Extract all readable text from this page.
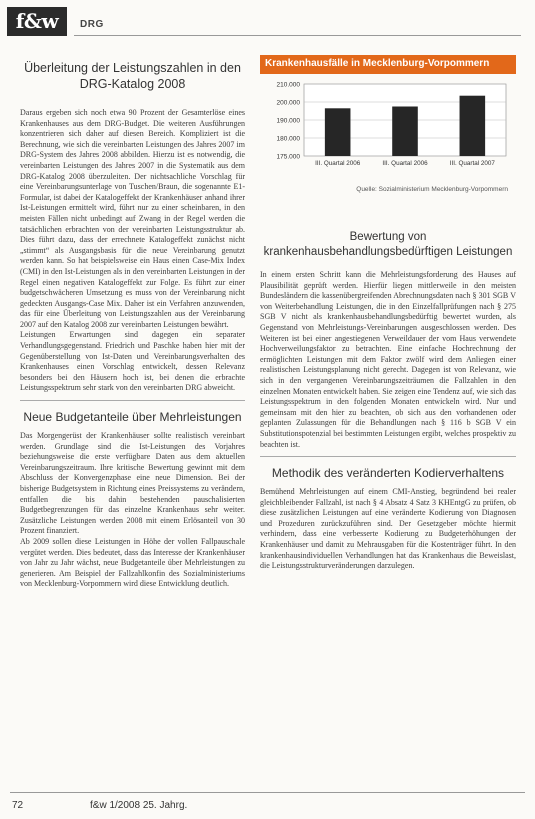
f&w	DRG
Überleitung der Leistungszahlen in den DRG-Katalog 2008

Daraus ergeben sich noch etwa 90 Prozent der Gesamterlöse eines Krankenhauses aus dem DRG-Budget. Die weiteren Ausführungen konzentrieren sich daher auf diesen Bereich. Kompliziert ist die Berechnung, wie sich die vereinbarten Leistungen des Jahres 2007 im DRG-System des Jahres 2008 abbilden. Hierzu ist es notwendig, die vereinbarten Leistungen des Jahres 2007 in die Systematik aus dem DRG-Katalog 2008 überzuleiten. Der nichtsachliche Vorschlag für eine Vereinbarungsunterlage von Tuschen/Braun, die sogenannte E1-Formular, ist dabei der Katalogeffekt der Krankenhäuser anhand ihrer Ist-Leistungen ermittelt wird, führt nur zu einer scheinbaren, in den meisten Fällen nicht unbedingt auf Zwang in der Regel werden die tatsächlichen erbrachten von der vereinbarten Leistungsstruktur ab. Dies führt dazu, dass der errechnete Katalogeffekt zunächst nicht „stimmt“ als Ausgangsbasis für die neue Vereinbarung genutzt werden kann. So hat beispielsweise ein Haus einen Case-Mix Index (CMI) in den Ist-Leistungen als in den vereinbarten Leistungen in der Regel einen negativen Katalogeffekt zur Folge. Es führt zur einer budgetschwächeren Umsetzung es muss von der Vereinbarung nicht gedeckten Ausgangs-Case Mix. Daher ist ein Verfahren anzuwenden, das für eine Überleitung von Leistungszahlen aus der Vereinbarung 2007 auf den Katalog 2008 zur vereinbarten Leistungen bewährt.

Leistungen Erwartungen sind dagegen ein separater Verhandlungsgegenstand. Friedrich und Paschke haben hier mit der Gegenüberstellung von Ist-Daten und Vereinbarungsverhalten des Krankenhauses einen Vorschlag entwickelt, dessen Relevanz besonders bei den Häusern hoch ist, bei denen die erbrachte Leistungsspektrum sehr stark von den vereinbarten DRG abweicht.

Neue Budgetanteile über Mehrleistungen

Das Morgengerüst der Krankenhäuser sollte realistisch vereinbart werden. Grundlage sind die Ist-Leistungen des Vorjahres beziehungsweise die erste verfügbare Daten aus dem aktuellen Vereinbarungszeitraum. Ihre kritische Bewertung gewinnt mit dem Abschluss der Konvergenzphase eine neue Dimension. Bei der bisherige Budgetsystem in Richtung eines Preissystems zu verändern, entfallen die bis dahin bestehenden pauschalisierten Budgetbegrenzungen für das einzelne Krankenhaus sehr weiter. Zusätzliche Leistungen werden 2008 mit einem Erlösanteil von 30 Prozent finanziert.

Ab 2009 sollen diese Leistungen in Höhe der vollen Fallpauschale vergütet werden. Dies bedeutet, dass das Interesse der Krankenhäuser von Jahr zu Jahr wächst, neue Budgetanteile über Mehrleistungen zu generieren. Am Beispiel der Fallzahlkonfin des Sozialministeriums von Mecklenburg-Vorpommern wird diese Entwicklung deutlich.

Krankenhausfälle in Mecklenburg-Vorpommern
175.000
180.000
190.000
200.000
210.000
III. Quartal 2006	III. Quartal 2006	III. Quartal 2007
Quelle: Sozialministerium Mecklenburg-Vorpommern
Bewertung von krankenhausbehandlungsbedürftigen Leistungen

In einem ersten Schritt kann die Mehrleistungsforderung des Hauses auf Plausibilität geprüft werden. Hierfür liegen mittlerweile in den meisten Bundesländern die kassenübergreifenden Abrechnungsdaten nach § 301 SGB V von Weiterbehandlung Leistungen, die in den Einzelfallprüfungen nach § 275 SGB V nicht als krankenhausbehandlungsbedürftig bewertet wurden, als Gegenstand von Mehrleistungs-Vereinbarungen ausgeschlossen werden. Des Weiteren ist bei einer angestiegenen Verweildauer der vom Haus verwendete Hochverweilungsfaktor zu betrachten. Eine einfache Hochrechnung der ermöglichten Leistungen mit dem Faktor zwölf wird dem Anliegen einer realistischen Leistungsplanung nicht gerecht. Dagegen ist von Relevanz, wie sich in den vergangenen Vereinbarungszeiträumen die Fallzahlen in den einzelnen Monaten entwickelt haben. Sie zeigen eine Tendenz auf, wie sich das Leistungsspektrum in den folgenden Monaten entwickeln wird. Nur und gemeinsam mit den hier zu beachten, ob sich aus den vorhandenen oder geplanten Zulassungen für die Behandlungen nach § 116 b SGB V ein Substitutionspotenzial bei bestimmten Leistungen ergibt, welches prospektiv zu beachten ist.

Methodik des veränderten Kodierverhaltens

Bemühend Mehrleistungen auf einem CMI-Anstieg, begründend bei realer gleichbleibender Fallzahl, ist nach § 4 Absatz 4 Satz 3 KHEntgG zu prüfen, ob diese zusätzlichen Leistungen auf eine veränderte Kodierung von Diagnosen und Prozeduren zurückzuführen sind. Der Gesetzgeber möchte hiermit verhindern, dass eine verbesserte Kodierung zu Budgeterhöhungen der Krankenhäuser und damit zu Mehrausgaben für die Kostenträger führt. In den krankenhausindividuellen Verhandlungen hat das Krankenhaus die Beweislast, die Leistungsstrukturveränderungen darzulegen.

72	f&w 1/2008 25. Jahrg.
